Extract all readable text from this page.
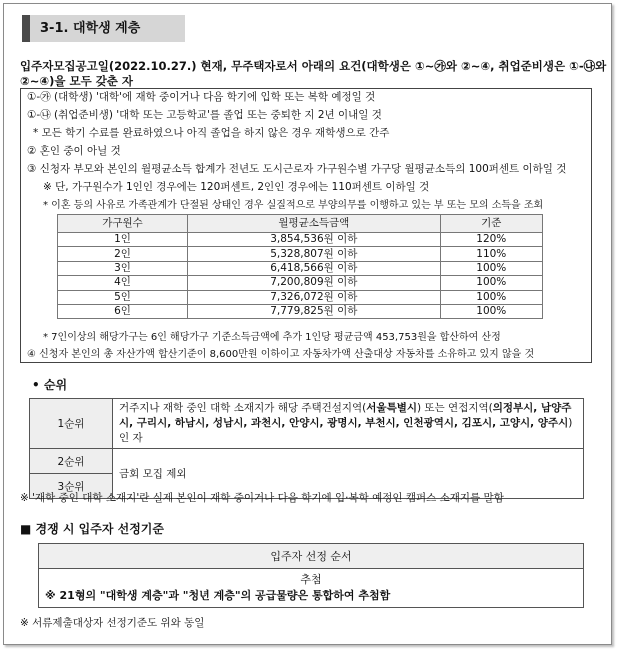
3-1. 대학생 계층
입주자모집공고일(2022.10.27.) 현재, 무주택자로서 아래의 요건(대학생은 ①~㉮와 ②~④, 취업준비생은 ①-㉯와 ②~④)을 모두 갖춘 자
①-㉮ (대학생) '대학'에 재학 중이거나 다음 학기에 입학 또는 복학 예정일 것
①-㉯ (취업준비생) '대학 또는 고등학교'를 졸업 또는 중퇴한 지 2년 이내일 것
* 모든 학기 수료를 완료하였으나 아직 졸업을 하지 않은 경우 재학생으로 간주
② 혼인 중이 아닐 것
③ 신청자 부모와 본인의 월평균소득 합계가 전년도 도시근로자 가구원수별 가구당 월평균소득의 100퍼센트 이하일 것
※ 단, 가구원수가 1인인 경우에는 120퍼센트, 2인인 경우에는 110퍼센트 이하일 것
* 이혼 등의 사유로 가족관계가 단절된 상태인 경우 실질적으로 부양의무를 이행하고 있는 부 또는 모의 소득을 조회
가구원수	월평균소득금액	기준
1인	3,854,536원 이하	120%
2인	5,328,807원 이하	110%
3인	6,418,566원 이하	100%
4인	7,200,809원 이하	100%
5인	7,326,072원 이하	100%
6인	7,779,825원 이하	100%
* 7인이상의 해당가구는 6인 해당가구 기준소득금액에 추가 1인당 평균금액 453,753원을 합산하여 산정
④ 신청자 본인의 총 자산가액 합산기준이 8,600만원 이하이고 자동차가액 산출대상 자동차를 소유하고 있지 않을 것
• 순위
1순위	거주지나 재학 중인 대학 소재지가 해당 주택건설지역(서울특별시) 또는 연접지역(의정부시, 남양주시, 구리시, 하남시, 성남시, 과천시, 안양시, 광명시, 부천시, 인천광역시, 김포시, 고양시, 양주시)인 자
2순위	금회 모집 제외
3순위	
※ '재학 중인 대학 소재지'란 실제 본인이 재학 중이거나 다음 학기에 입·복학 예정인 캠퍼스 소재지를 말함
■ 경쟁 시 입주자 선정기준
입주자 선정 순서

추첨
※ 21형의 "대학생 계층"과 "청년 계층"의 공급물량은 통합하여 추첨함
※ 서류제출대상자 선정기준도 위와 동일
